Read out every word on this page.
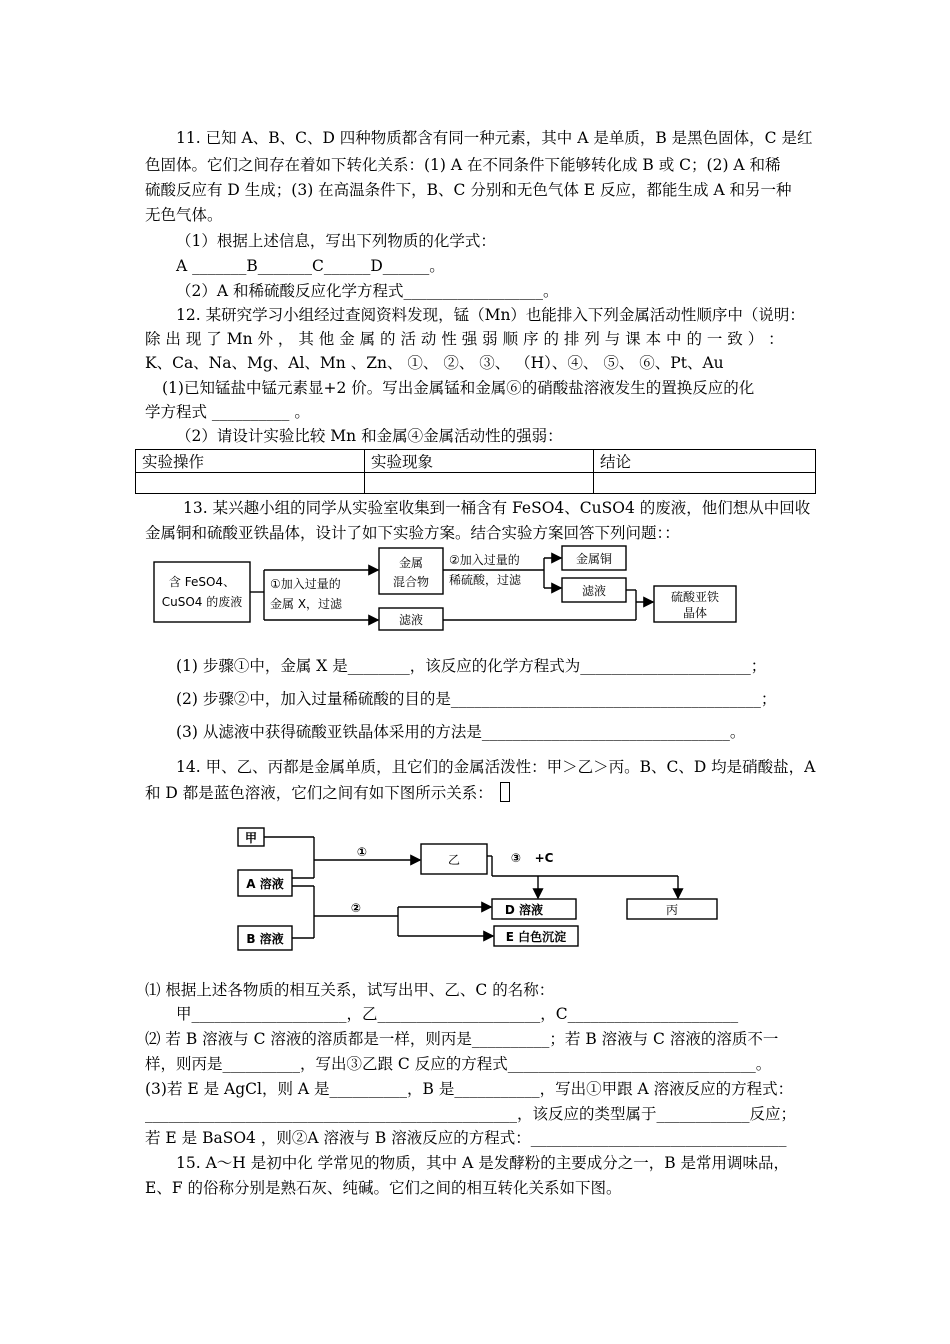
11. 已知 A、B、C、D 四种物质都含有同一种元素，其中 A 是单质，B 是黑色固体，C 是红
色固体。它们之间存在着如下转化关系：(1) A 在不同条件下能够转化成 B 或 C；(2) A 和稀
硫酸反应有 D 生成；(3) 在高温条件下，B、C 分别和无色气体 E 反应，都能生成 A 和另一种
无色气体。
（1）根据上述信息，写出下列物质的化学式：
A _______B_______C______D______。
（2）A 和稀硫酸反应化学方程式__________________。
12. 某研究学习小组经过查阅资料发现，锰（Mn）也能排入下列金属活动性顺序中（说明：
除 出 现 了 Mn 外 ， 其 他 金 属 的 活 动 性 强 弱 顺 序 的 排 列 与 课 本 中 的 一 致 ） ：
K、Ca、Na、Mg、Al、Mn 、Zn、 ①、 ②、 ③、 （H）、④、 ⑤、 ⑥、Pt、Au
(1)已知锰盐中锰元素显+2 价。写出金属锰和金属⑥的硝酸盐溶液发生的置换反应的化
学方程式 __________ 。
（2）请设计实验比较 Mn 和金属④金属活动性的强弱：
实验操作	实验现象	结论

13. 某兴趣小组的同学从实验室收集到一桶含有 FeSO4、CuSO4 的废液，他们想从中回收
金属铜和硫酸亚铁晶体，设计了如下实验方案。结合实验方案回答下列问题：：
含 FeSO4、
CuSO4 的废液
①加入过量的
金属 X，过滤
金属
混合物
滤液
②加入过量的
稀硫酸，过滤
金属铜
滤液	硫酸亚铁
晶体
(1) 步骤①中，金属 X 是________，该反应的化学方程式为______________________；
(2) 步骤②中，加入过量稀硫酸的目的是________________________________________；
(3) 从滤液中获得硫酸亚铁晶体采用的方法是________________________________。
14. 甲、乙、丙都是金属单质，且它们的金属活泼性：甲＞乙＞丙。B、C、D 均是硝酸盐，A
和 D 都是蓝色溶液，它们之间有如下图所示关系：
甲
A 溶液
B 溶液
①
乙	③ +C
丙
D 溶液
②
E 白色沉淀
⑴ 根据上述各物质的相互关系，试写出甲、乙、C 的名称：
甲____________________，乙_____________________，C______________________
⑵ 若 B 溶液与 C 溶液的溶质都是一样，则丙是__________；若 B 溶液与 C 溶液的溶质不一
样，则丙是__________，写出③乙跟 C 反应的方程式________________________________。
(3)若 E 是 AgCl，则 A 是__________，B 是___________，写出①甲跟 A 溶液反应的方程式：
________________________________________________，该反应的类型属于____________反应；
若 E 是 BaSO4 ，则②A 溶液与 B 溶液反应的方程式：_________________________________
15. A～H 是初中化 学常见的物质，其中 A 是发酵粉的主要成分之一，B 是常用调味品，
E、F 的俗称分别是熟石灰、纯碱。它们之间的相互转化关系如下图。
